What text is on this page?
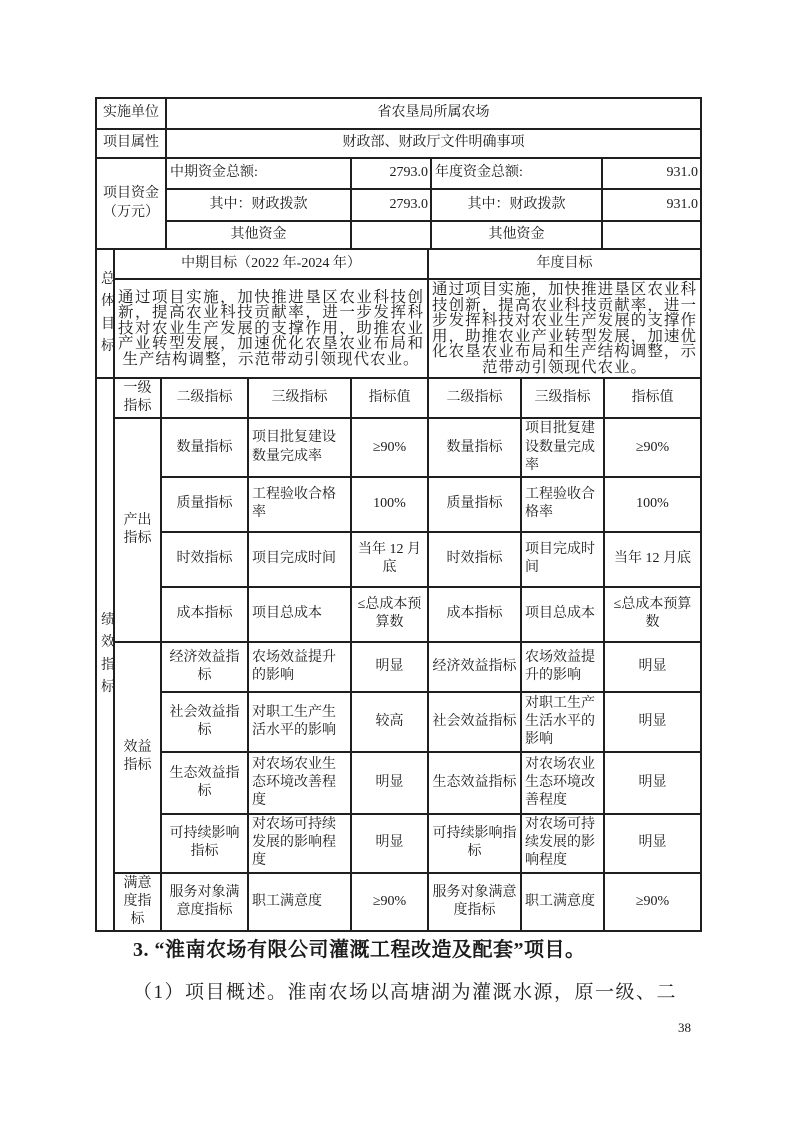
实施单位	省农垦局所属农场
项目属性	财政部、财政厅文件明确事项
项目资金（万元）	中期资金总额:	2793.0	年度资金总额:	931.0
	其中：财政拨款	2793.0	其中：财政拨款	931.0
	其他资金		其他资金	
总体目标	中期目标（2022 年-2024 年）	年度目标
	通过项目实施，加快推进垦区农业科技创新，提高农业科技贡献率，进一步发挥科技对农业生产发展的支撑作用，助推农业产业转型发展，加速优化农垦农业布局和生产结构调整，示范带动引领现代农业。	通过项目实施，加快推进垦区农业科技创新，提高农业科技贡献率，进一步发挥科技对农业生产发展的支撑作用，助推农业产业转型发展，加速优化农垦农业布局和生产结构调整，示范带动引领现代农业。
绩效指标	一级指标	二级指标	三级指标	指标值	二级指标	三级指标	指标值
	产出指标	数量指标	项目批复建设数量完成率	≥90%	数量指标	项目批复建设数量完成率	≥90%
		质量指标	工程验收合格率	100%	质量指标	工程验收合格率	100%
		时效指标	项目完成时间	当年 12 月底	时效指标	项目完成时间	当年 12 月底
		成本指标	项目总成本	≤总成本预算数	成本指标	项目总成本	≤总成本预算数
	效益指标	经济效益指标	农场效益提升的影响	明显	经济效益指标	农场效益提升的影响	明显
		社会效益指标	对职工生产生活水平的影响	较高	社会效益指标	对职工生产生活水平的影响	明显
		生态效益指标	对农场农业生态环境改善程度	明显	生态效益指标	对农场农业生态环境改善程度	明显
		可持续影响指标	对农场可持续发展的影响程度	明显	可持续影响指标	对农场可持续发展的影响程度	明显
	满意度指标	服务对象满意度指标	职工满意度	≥90%	服务对象满意度指标	职工满意度	≥90%
3. “淮南农场有限公司灌溉工程改造及配套”项目。
（1）项目概述。淮南农场以高塘湖为灌溉水源，原一级、二
38
